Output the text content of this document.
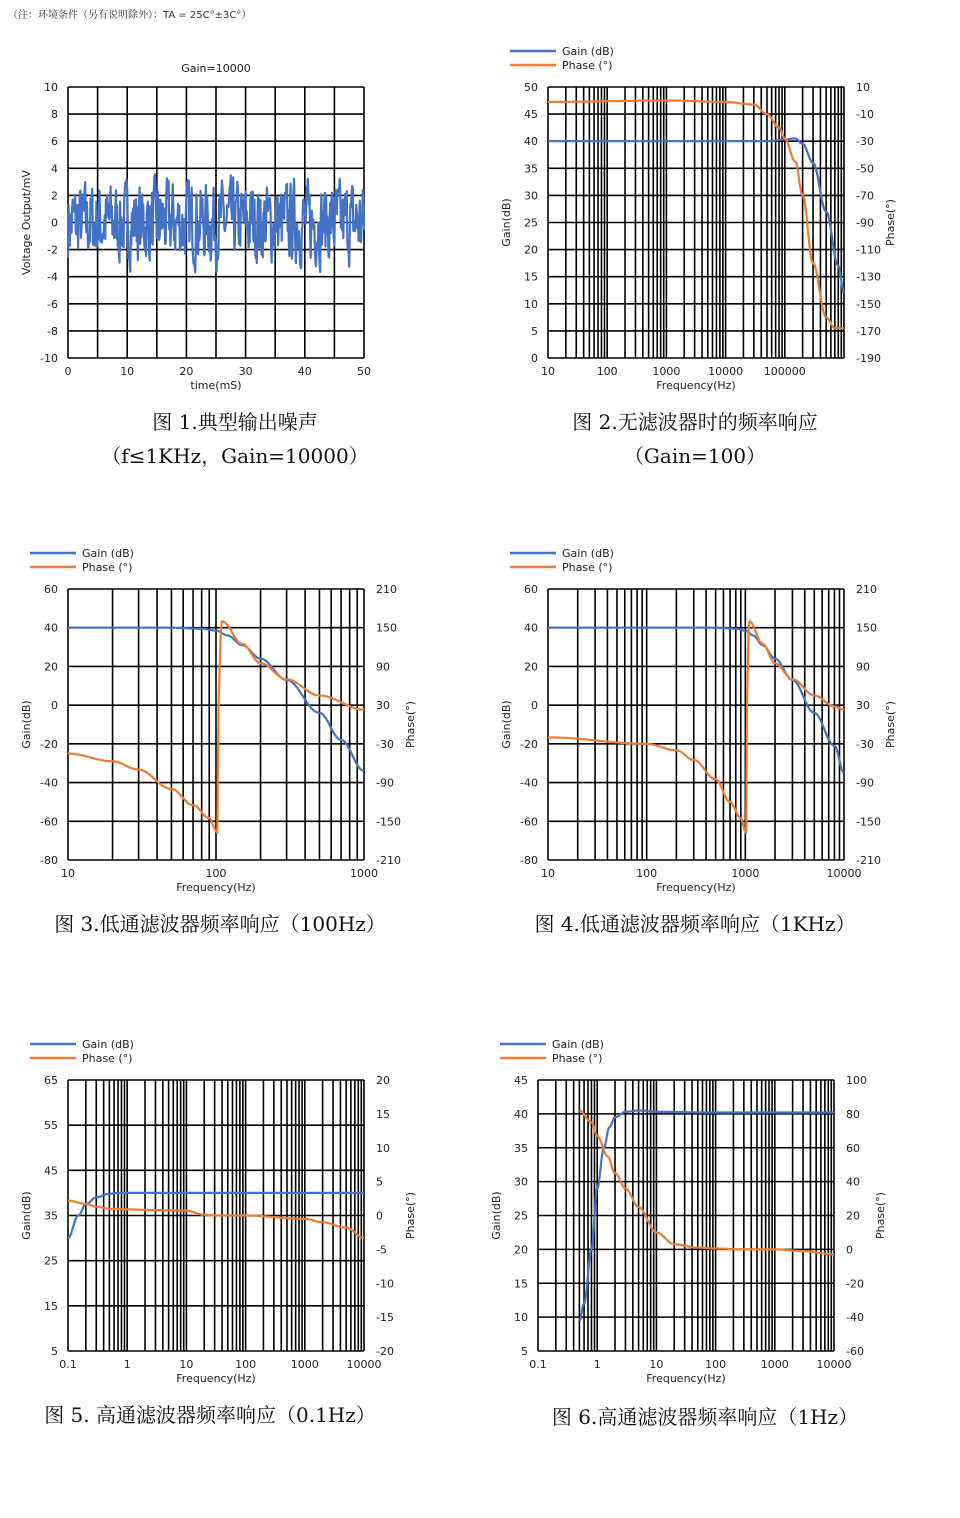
（注：环境条件（另有说明除外）：TA = 25C°±3C°）
0	10	20	30	40	50
-10
-8
-6
-4
-2
0
2
4
6
8
10
time(mS)
Voltage Output/mV
Gain=10000
图 1.典型输出噪声
（f≤1KHz，Gain=10000）
10	100	1000	10000 100000
0
5
10
15
20
25
30
35
40
45
50
-190
-170
-150
-130
-110
-90
-70
-50
-30
-10
10
Frequency(Hz)
Gain(dB)	Phase(°)
Gain (dB)
Phase (°)
图 2.无滤波器时的频率响应
（Gain=100）
10	100	1000
-80
-60
-40
-20
0
20
40
60
-210
-150
-90
-30
30
90
150
210
Frequency(Hz)
Gain(dB)	Phase(°)
Gain (dB)
Phase (°)
图 3.低通滤波器频率响应（100Hz）
10	100	1000	10000
-80
-60
-40
-20
0
20
40
60
-210
-150
-90
-30
30
90
150
210
Frequency(Hz)
Gain(dB)	Phase(°)
Gain (dB)
Phase (°)
图 4.低通滤波器频率响应（1KHz）
0.1	1	10	100	1000	10000
5
15
25
35
45
55
65
-20
-15
-10
-5
0
5
10
15
20
Frequency(Hz)
Gain(dB)	Phase(°)
Gain (dB)
Phase (°)
图 5. 高通滤波器频率响应（0.1Hz）
0.1	1	10	100	1000	10000
5
10
15
20
25
30
35
40
45
-60
-40
-20
0
20
40
60
80
100
Frequency(Hz)
Gain(dB)	Phase(°)
Gain (dB)
Phase (°)
图 6.高通滤波器频率响应（1Hz）
